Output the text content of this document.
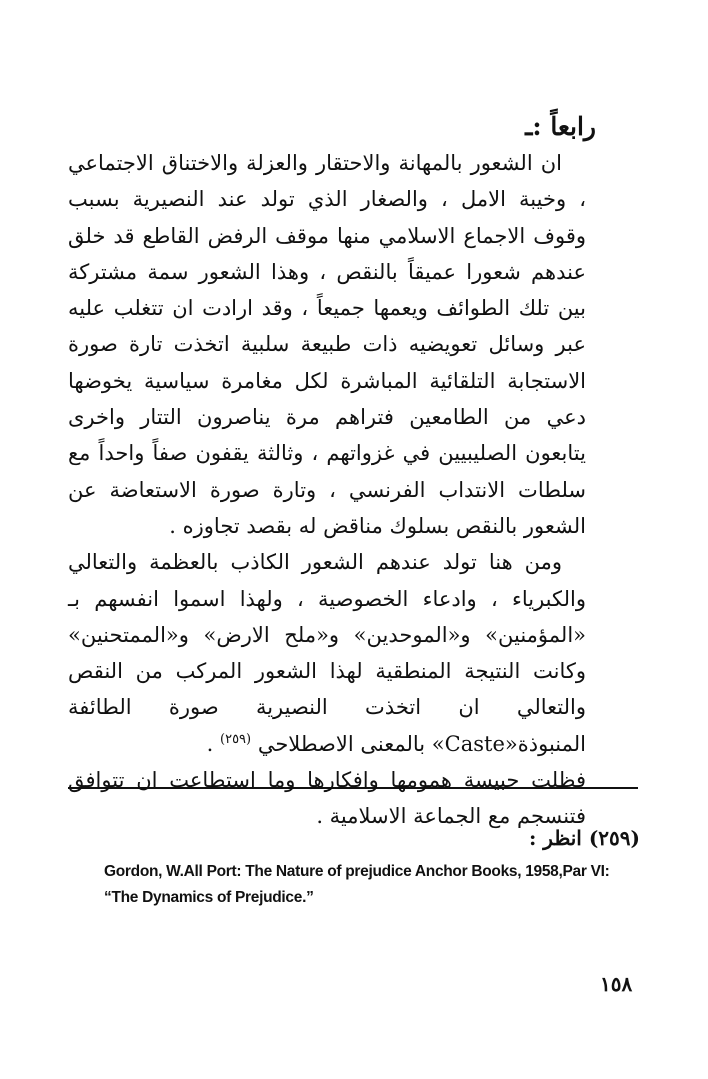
رابعاً :ـ

ان الشعور بالمهانة والاحتقار والعزلة والاختناق الاجتماعي ، وخيبة الامل ، والصغار الذي تولد عند النصيرية بسبب وقوف الاجماع الاسلامي منها موقف الرفض القاطع قد خلق عندهم شعورا عميقاً بالنقص ، وهذا الشعور سمة مشتركة بين تلك الطوائف ويعمها جميعاً ، وقد ارادت ان تتغلب عليه عبر وسائل تعويضيه ذات طبيعة سلبية اتخذت تارة صورة الاستجابة التلقائية المباشرة لكل مغامرة سياسية يخوضها دعي من الطامعين فتراهم مرة يناصرون التتار واخرى يتابعون الصليبيين في غزواتهم ، وثالثة يقفون صفاً واحداً مع سلطات الانتداب الفرنسي ، وتارة صورة الاستعاضة عن الشعور بالنقص بسلوك مناقض له بقصد تجاوزه .

ومن هنا تولد عندهم الشعور الكاذب بالعظمة والتعالي والكبرياء ، وادعاء الخصوصية ، ولهذا اسموا انفسهم بـ «المؤمنين» و«الموحدين» و«ملح الارض» و«الممتحنين» وكانت النتيجة المنطقية لهذا الشعور المركب من النقص والتعالي ان اتخذت النصيرية صورة الطائفة المنبوذة«Caste» بالمعنى الاصطلاحي $^{(٢٥٩)}$ .

فظلت حبيسة همومها وافكارها وما استطاعت ان تتوافق فتنسجم مع الجماعة الاسلامية .

(٢٥٩) انظر :
Gordon, W.All Port: The Nature of prejudice Anchor Books, 1958,Par VI:
“The Dynamics of Prejudice.”
١٥٨
